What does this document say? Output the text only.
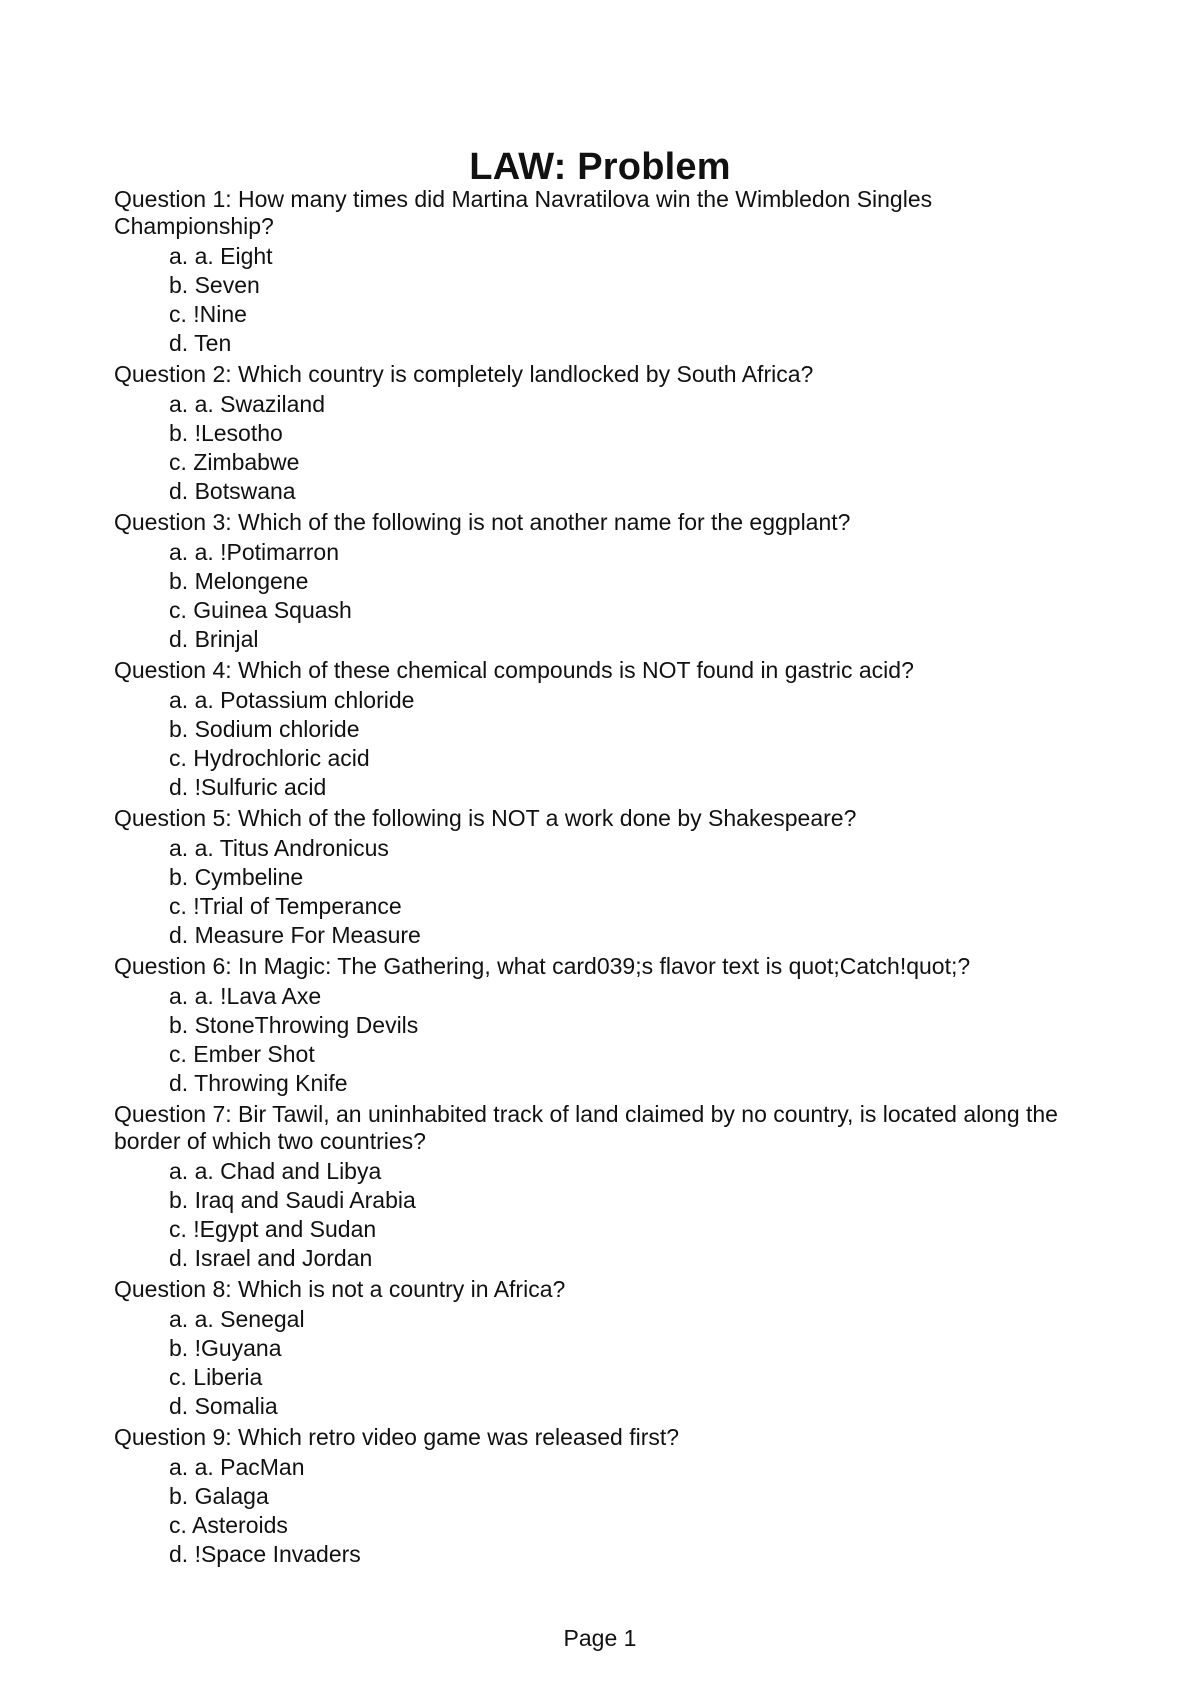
LAW: Problem
Question 1: How many times did Martina Navratilova win the Wimbledon Singles Championship?
a. a. Eight
b. Seven
c. !Nine
d. Ten
Question 2: Which country is completely landlocked by South Africa?
a. a. Swaziland
b. !Lesotho
c. Zimbabwe
d. Botswana
Question 3: Which of the following is not another name for the eggplant?
a. a. !Potimarron
b. Melongene
c. Guinea Squash
d. Brinjal
Question 4: Which of these chemical compounds is NOT found in gastric acid?
a. a. Potassium chloride
b. Sodium chloride
c. Hydrochloric acid
d. !Sulfuric acid
Question 5: Which of the following is NOT a work done by Shakespeare?
a. a. Titus Andronicus
b. Cymbeline
c. !Trial of Temperance
d. Measure For Measure
Question 6: In Magic: The Gathering, what card039;s flavor text is quot;Catch!quot;?
a. a. !Lava Axe
b. StoneThrowing Devils
c. Ember Shot
d. Throwing Knife
Question 7: Bir Tawil, an uninhabited track of land claimed by no country, is located along the border of which two countries?
a. a. Chad and Libya
b. Iraq and Saudi Arabia
c. !Egypt and Sudan
d. Israel and Jordan
Question 8: Which is not a country in Africa?
a. a. Senegal
b. !Guyana
c. Liberia
d. Somalia
Question 9: Which retro video game was released first?
a. a. PacMan
b. Galaga
c. Asteroids
d. !Space Invaders
Page 1
